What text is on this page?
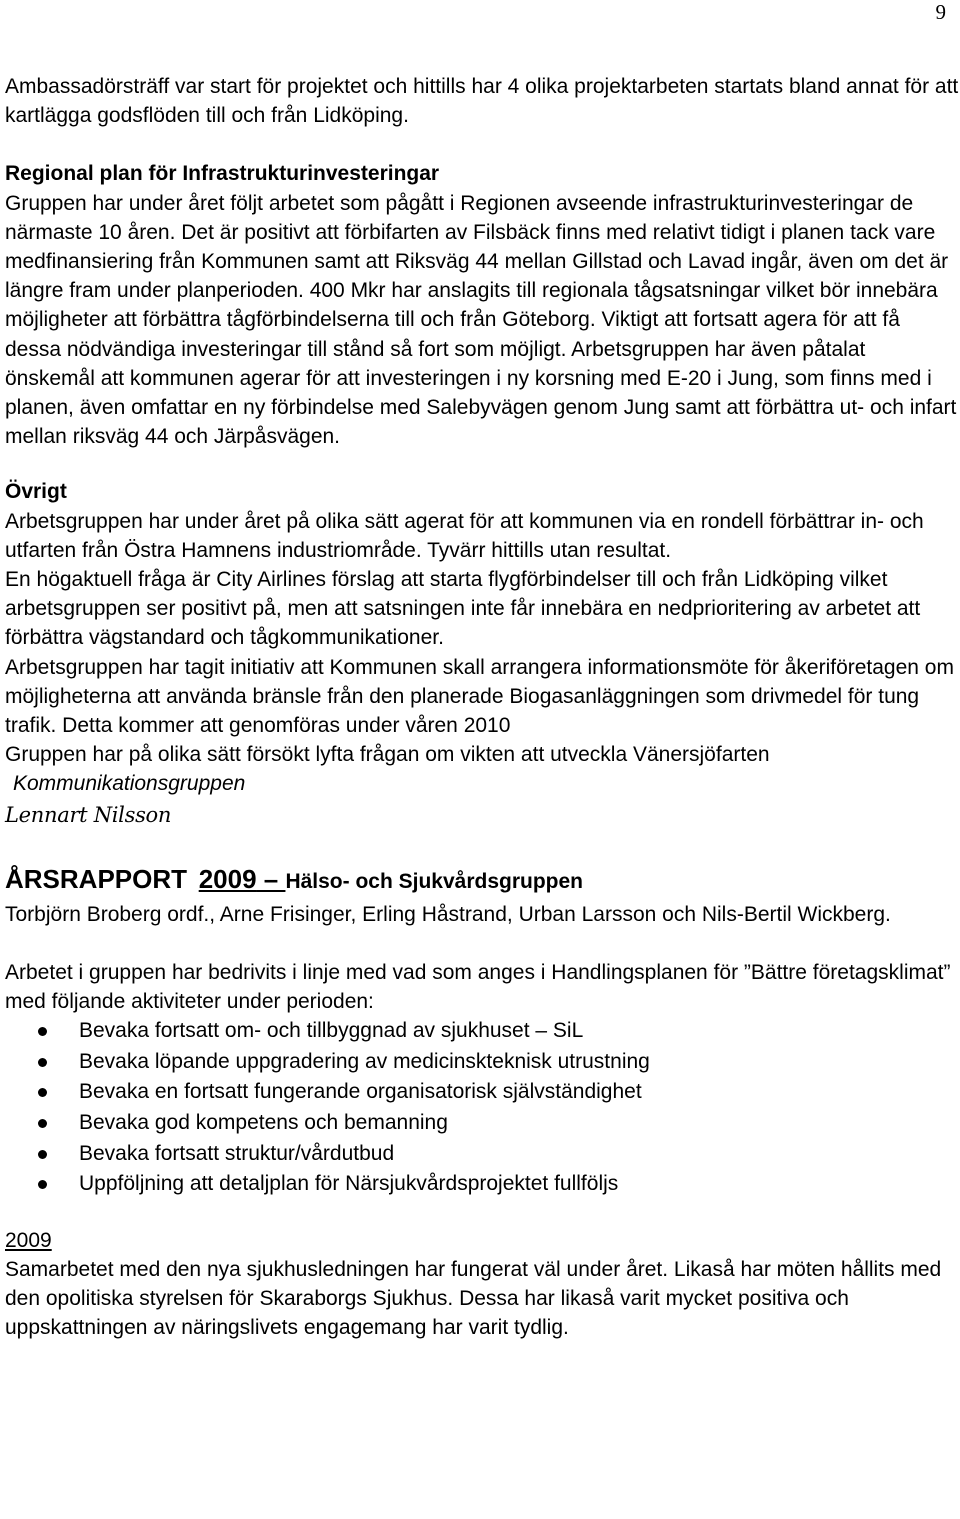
9

Ambassadörsträff var start för projektet och hittills har 4 olika projektarbeten startats bland annat för att kartlägga godsflöden till och från Lidköping.

Regional plan för Infrastrukturinvesteringar

Gruppen har under året följt arbetet som pågått i Regionen avseende infrastrukturinvesteringar de närmaste 10 åren. Det är positivt att förbifarten av Filsbäck finns med relativt tidigt i planen tack vare medfinansiering från Kommunen samt att Riksväg 44 mellan Gillstad och Lavad ingår, även om det är längre fram under planperioden. 400 Mkr har anslagits till regionala tågsatsningar vilket bör innebära möjligheter att förbättra tågförbindelserna till och från Göteborg. Viktigt att fortsatt agera för att få dessa nödvändiga investeringar till stånd så fort som möjligt. Arbetsgruppen har även påtalat önskemål att kommunen agerar för att investeringen i ny korsning med E-20 i Jung, som finns med i planen, även omfattar en ny förbindelse med Salebyvägen genom Jung samt att förbättra ut- och infart mellan riksväg 44 och Järpåsvägen.

Övrigt

Arbetsgruppen har under året på olika sätt agerat för att kommunen via en rondell förbättrar in- och utfarten från Östra Hamnens industriområde. Tyvärr hittills utan resultat.

En högaktuell fråga är City Airlines förslag att starta flygförbindelser till och från Lidköping vilket arbetsgruppen ser positivt på, men att satsningen inte får innebära en nedprioritering av arbetet att förbättra vägstandard och tågkommunikationer.

Arbetsgruppen har tagit initiativ att Kommunen skall arrangera informationsmöte för åkeriföretagen om möjligheterna att använda bränsle från den planerade Biogasanläggningen som drivmedel för tung trafik. Detta kommer att genomföras under våren 2010

Gruppen har på olika sätt försökt lyfta frågan om vikten att utveckla Vänersjöfarten

Kommunikationsgruppen

Lennart Nilsson

ÅRSRAPPORT 2009 – Hälso- och Sjukvårdsgruppen

Torbjörn Broberg ordf., Arne Frisinger, Erling Håstrand, Urban Larsson och Nils-Bertil Wickberg.

Arbetet i gruppen har bedrivits i linje med vad som anges i Handlingsplanen för ”Bättre företagsklimat” med följande aktiviteter under perioden:

Bevaka fortsatt om- och tillbyggnad av sjukhuset – SiL
Bevaka löpande uppgradering av medicinskteknisk utrustning
Bevaka en fortsatt fungerande organisatorisk självständighet
Bevaka god kompetens och bemanning
Bevaka fortsatt struktur/vårdutbud
Uppföljning att detaljplan för Närsjukvårdsprojektet fullföljs

2009

Samarbetet med den nya sjukhusledningen har fungerat väl under året. Likaså har möten hållits med den opolitiska styrelsen för Skaraborgs Sjukhus. Dessa har likaså varit mycket positiva och uppskattningen av näringslivets engagemang har varit tydlig.
